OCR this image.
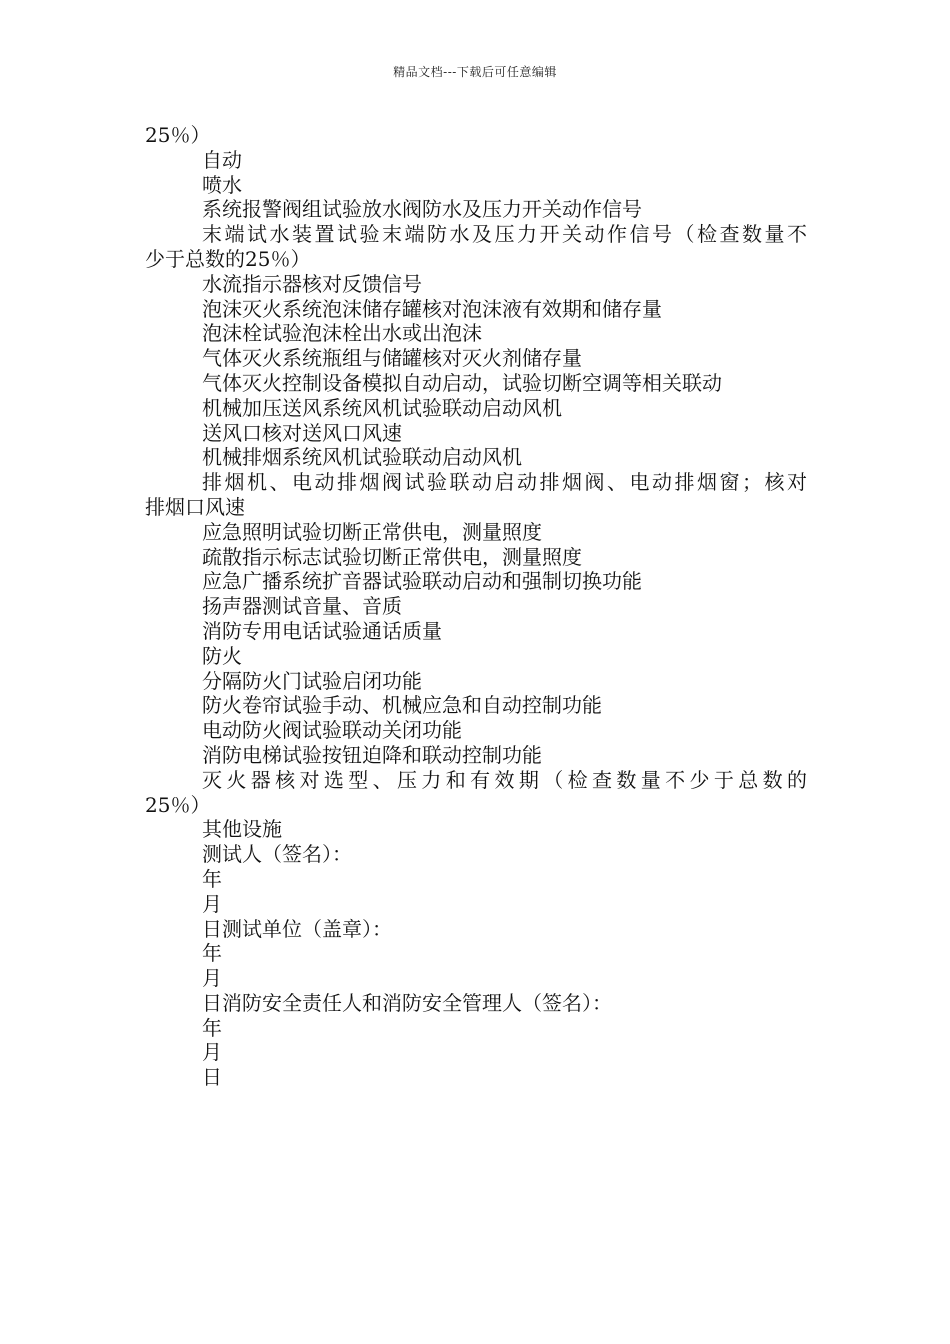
精品文档---下载后可任意编辑
25％）
自动
喷水
系统报警阀组试验放水阀防水及压力开关动作信号
末端试水装置试验末端防水及压力开关动作信号（检查数量不
少于总数的25％）
水流指示器核对反馈信号
泡沫灭火系统泡沫储存罐核对泡沫液有效期和储存量
泡沫栓试验泡沫栓出水或出泡沫
气体灭火系统瓶组与储罐核对灭火剂储存量
气体灭火控制设备模拟自动启动，试验切断空调等相关联动
机械加压送风系统风机试验联动启动风机
送风口核对送风口风速
机械排烟系统风机试验联动启动风机
排烟机、电动排烟阀试验联动启动排烟阀、电动排烟窗；核对
排烟口风速
应急照明试验切断正常供电，测量照度
疏散指示标志试验切断正常供电，测量照度
应急广播系统扩音器试验联动启动和强制切换功能
扬声器测试音量、音质
消防专用电话试验通话质量
防火
分隔防火门试验启闭功能
防火卷帘试验手动、机械应急和自动控制功能
电动防火阀试验联动关闭功能
消防电梯试验按钮迫降和联动控制功能
灭火器核对选型、压力和有效期（检查数量不少于总数的
25％）
其他设施
测试人（签名）：
年
月
日测试单位（盖章）：
年
月
日消防安全责任人和消防安全管理人（签名）：
年
月
日
